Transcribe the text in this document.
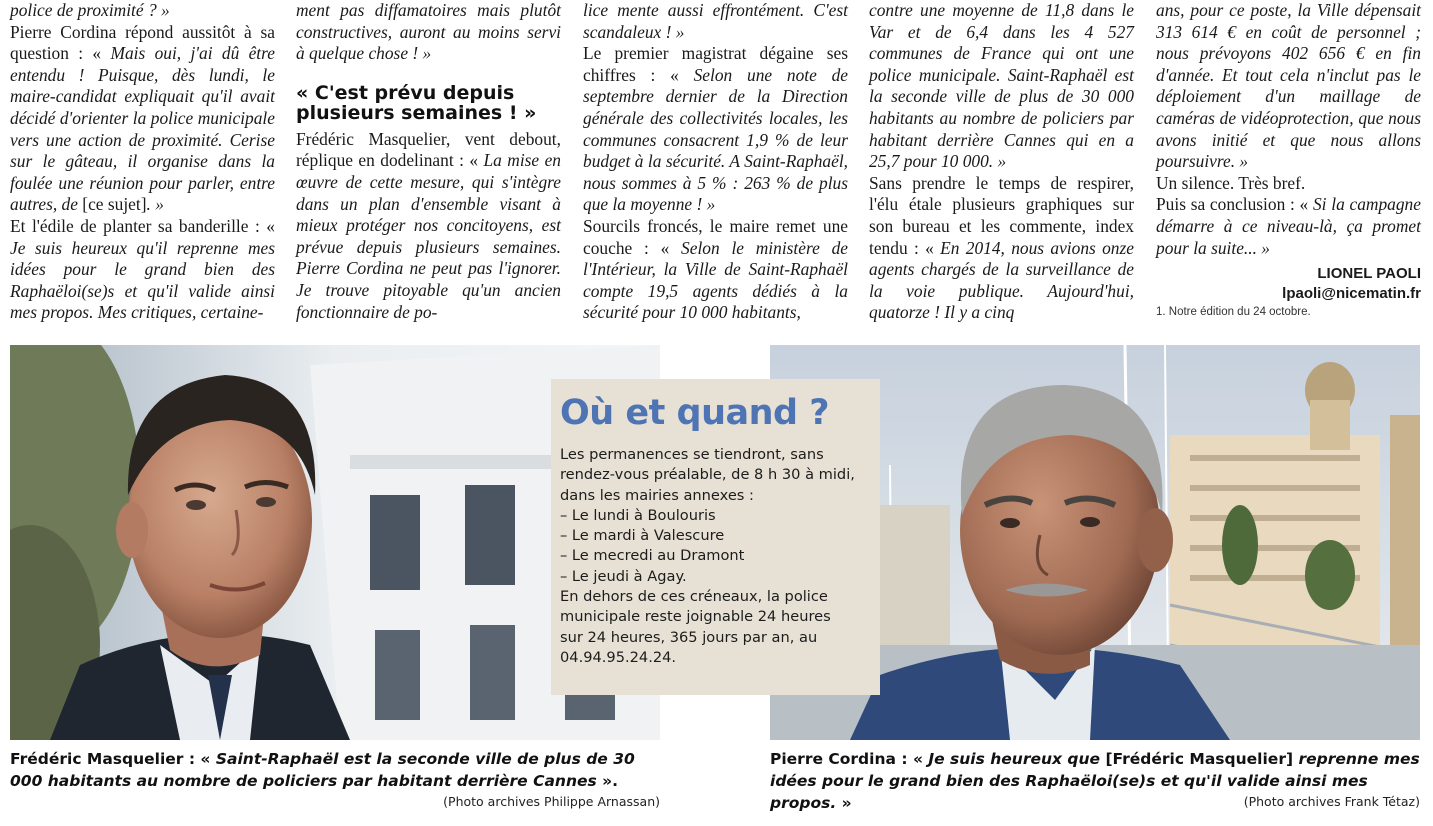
police de proximité ? »

Pierre Cordina répond aussitôt à sa question : « Mais oui, j'ai dû être entendu ! Puisque, dès lundi, le maire-candidat expliquait qu'il avait décidé d'orienter la police municipale vers une action de proximité. Cerise sur le gâteau, il organise dans la foulée une réunion pour parler, entre autres, de [ce sujet]. »

Et l'édile de planter sa banderille : « Je suis heureux qu'il reprenne mes idées pour le grand bien des Raphaëloi(se)s et qu'il valide ainsi mes propos. Mes critiques, certaine-

ment pas diffamatoires mais plutôt constructives, auront au moins servi à quelque chose ! »

« C'est prévu depuis plusieurs semaines ! »

Frédéric Masquelier, vent debout, réplique en dodelinant : « La mise en œuvre de cette mesure, qui s'intègre dans un plan d'ensemble visant à mieux protéger nos concitoyens, est prévue depuis plusieurs semaines. Pierre Cordina ne peut pas l'ignorer. Je trouve pitoyable qu'un ancien fonctionnaire de po-

lice mente aussi effrontément. C'est scandaleux ! »

Le premier magistrat dégaine ses chiffres : « Selon une note de septembre dernier de la Direction générale des collectivités locales, les communes consacrent 1,9 % de leur budget à la sécurité. A Saint-Raphaël, nous sommes à 5 % : 263 % de plus que la moyenne ! »

Sourcils froncés, le maire remet une couche : « Selon le ministère de l'Intérieur, la Ville de Saint-Raphaël compte 19,5 agents dédiés à la sécurité pour 10 000 habitants,

contre une moyenne de 11,8 dans le Var et de 6,4 dans les 4 527 communes de France qui ont une police municipale. Saint-Raphaël est la seconde ville de plus de 30 000 habitants au nombre de policiers par habitant derrière Cannes qui en a 25,7 pour 10 000. »

Sans prendre le temps de respirer, l'élu étale plusieurs graphiques sur son bureau et les commente, index tendu : « En 2014, nous avions onze agents chargés de la surveillance de la voie publique. Aujourd'hui, quatorze ! Il y a cinq

ans, pour ce poste, la Ville dépensait 313 614 € en coût de personnel ; nous prévoyons 402 656 € en fin d'année. Et tout cela n'inclut pas le déploiement d'un maillage de caméras de vidéoprotection, que nous avons initié et que nous allons poursuivre. »

Un silence. Très bref.

Puis sa conclusion : « Si la campagne démarre à ce niveau-là, ça promet pour la suite... »

LIONEL PAOLI
lpaoli@nicematin.fr
1. Notre édition du 24 octobre.
Où et quand ?
Les permanences se tiendront, sans
rendez-vous préalable, de 8 h 30 à midi,
dans les mairies annexes :
– Le lundi à Boulouris
– Le mardi à Valescure
– Le mecredi au Dramont
– Le jeudi à Agay.
En dehors de ces créneaux, la police
municipale reste joignable 24 heures
sur 24 heures, 365 jours par an, au
04.94.95.24.24.
Frédéric Masquelier : « Saint-Raphaël est la seconde ville de plus de 30 000 habitants au nombre de policiers par habitant derrière Cannes ».
(Photo archives Philippe Arnassan)
Pierre Cordina : « Je suis heureux que [Frédéric Masquelier] reprenne mes idées pour le grand bien des Raphaëloi(se)s et qu'il valide ainsi mes propos. »	(Photo archives Frank Tétaz)
